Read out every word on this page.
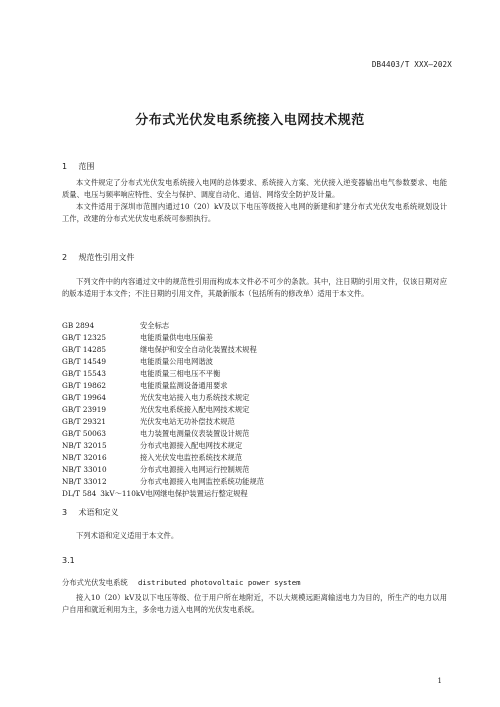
DB4403/T XXX—202X
分布式光伏发电系统接入电网技术规范
1 范围

本文件规定了分布式光伏发电系统接入电网的总体要求、系统接入方案、光伏接入逆变器输出电气参数要求、电能质量、电压与频率响应特性、安全与保护、调度自动化、通信、网络安全防护及计量。

本文件适用于深圳市范围内通过10（20）kV及以下电压等级接入电网的新建和扩建分布式光伏发电系统规划设计工作，改建的分布式光伏发电系统可参照执行。

2 规范性引用文件

下列文件中的内容通过文中的规范性引用而构成本文件必不可少的条款。其中，注日期的引用文件，仅该日期对应的版本适用于本文件；不注日期的引用文件，其最新版本（包括所有的修改单）适用于本文件。

GB 2894	安全标志
GB/T 12325	电能质量供电电压偏差
GB/T 14285	继电保护和安全自动化装置技术规程
GB/T 14549	电能质量公用电网谐波
GB/T 15543	电能质量三相电压不平衡
GB/T 19862	电能质量监测设备通用要求
GB/T 19964	光伏发电站接入电力系统技术规定
GB/T 23919	光伏发电系统接入配电网技术规定
GB/T 29321	光伏发电站无功补偿技术规范
GB/T 50063	电力装置电测量仪表装置设计规范
NB/T 32015	分布式电源接入配电网技术规定
NB/T 32016	接入光伏发电监控系统技术规范
NB/T 33010	分布式电源接入电网运行控制规范
NB/T 33012	分布式电源接入电网监控系统功能规范
DL/T 584 3kV～110kV电网继电保护装置运行整定规程
3 术语和定义

下列术语和定义适用于本文件。

3.1
分布式光伏发电系统 distributed photovoltaic power system

接入10（20）kV及以下电压等级、位于用户所在地附近，不以大规模远距离输送电力为目的，所生产的电力以用户自用和就近利用为主，多余电力送入电网的光伏发电系统。

1
